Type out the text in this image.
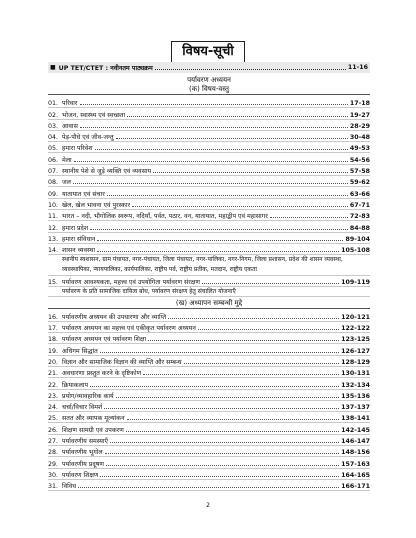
विषय-सूची
■ UP TET/CTET : नवीनतम पाठ्यक्रम	11-16
पर्यावरण अध्ययन
(क) विषय-वस्तु
01. परिवार	17-18
02. भोजन, स्वास्थ्य एवं स्वच्छता	19-27
03. आवास	28-29
04. पेड़-पौधे एवं जीव-जन्तु	30-48
05. हमारा परिवेश	49-53
06. मेला	54-56
07. स्थानीय पेशे से जुड़े व्यक्ति एवं व्यवसाय	57-58
08. जल	59-62
09. यातायात एवं संचार	63-66
10. खेल, खेल भावना एवं पुरस्कार	67-71
11. भारत – नदी, भौगोलिक स्वरूप, नदियाँ, पर्वत, पठार, वन, यातायात, महाद्वीप एवं महासागर	72-83
12. हमारा प्रदेश	84-88
13. हमारा संविधान	89-104
14. शासन व्यवस्था	105-108
स्थानीय स्वशासन, ग्राम पंचायत, नगर-पंचायत, जिला पंचायत, नगर-पालिका, नगर-निगम, जिला प्रशासन, प्रदेश की शासन व्यवस्था, व्यवस्थापिका, न्यायपालिका, कार्यपालिका, राष्ट्रीय पर्व, राष्ट्रीय प्रतीक, मतदान, राष्ट्रीय एकता
15. पर्यावरण आवश्यकता, महत्त्व एवं उपयोगिता पर्यावरण संरक्षण	109-119
पर्यावरण के प्रति सामाजिक दायित्व बोध, पर्यावरण संरक्षण हेतु संचालित योजनाएँ
(ख) अध्यापन सम्बन्धी मुद्दे
16. पर्यावरणीय अध्ययन की उपधारणा और व्याप्ति	120-121
17. पर्यावरण अध्ययन का महत्त्व एवं एकीकृत पर्यावरण अध्ययन	122-122
18. पर्यावरण अध्ययन एवं पर्यावरण शिक्षा	123-125
19. अधिगम सिद्धांत	126-127
20. विज्ञान और सामाजिक विज्ञान की व्याप्ति और सम्बन्ध	128-129
21. अवधारणा प्रस्तुत करने के दृष्टिकोण	130-131
22. क्रियाकलाप	132-134
23. प्रयोग/व्यावहारिक कार्य	135-136
24. चर्चा/विचार विमर्श	137-137
25. सतत और व्यापक मूल्यांकन	138-141
26. शिक्षण सामग्री एवं उपकरण	142-145
27. पर्यावरणीय समस्याएँ	146-147
28. पर्यावरणीय भूगोल	148-156
29. पर्यावरणीय प्रदूषण	157-163
30. पर्यावरण शिक्षण	164-165
31. विविध	166-171
2
